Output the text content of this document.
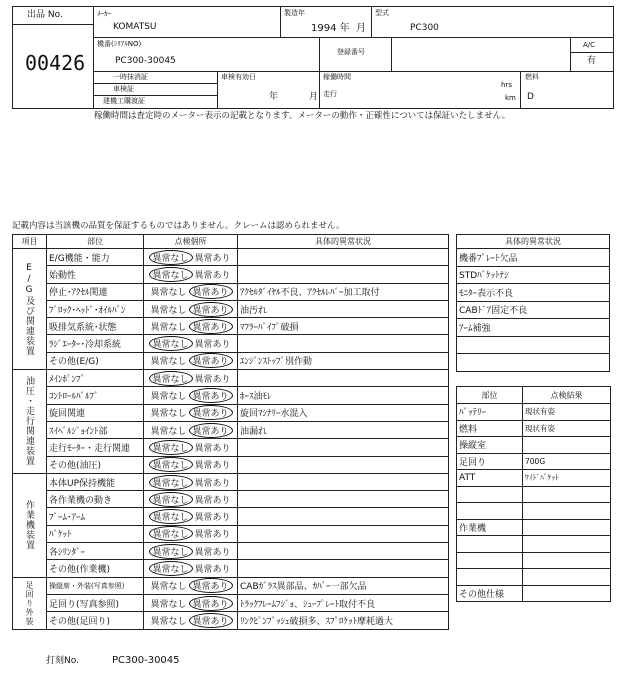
出品 No.
00426
ﾒｰｶｰ
KOMATSU
製造年
1994 年 月
型式
PC300
機番(ｼﾘｱﾙNO)
PC300-30045
登録番号
A/C
有
一時抹消証
車検証
建機工購渡証
車検有効日
年	月
稼働時間
hrs
走行	km
燃料
D
稼働時間は査定時のメーター表示の記載となります。メーターの動作・正確性については保証いたしません。
記載内容は当該機の品質を保証するものではありません。クレームは認められません。
項目	部位	点検個所	具体的異常状況
E/G及び関連装置	E/G機能・能力	異常なし 異常あり	
	始動性	異常なし 異常あり	
	停止･ｱｸｾﾙ関連	異常なし 異常あり	ｱｸｾﾙﾀﾞｲﾔﾙ不良、ｱｸｾﾙﾚﾊﾞｰ加工取付
	ﾌﾞﾛｯｸ･ﾍｯﾄﾞ･ｵｲﾙﾊﾟﾝ	異常なし 異常あり	油汚れ
	吸排気系統･状態	異常なし 異常あり	ﾏﾌﾗｰﾊﾟｲﾌﾟ破損
	ﾗｼﾞｴｰﾀｰ･冷却系統	異常なし 異常あり	
	その他(E/G)	異常なし 異常あり	ｴﾝｼﾞﾝｽﾄｯﾌﾟ別作動
油圧・走行関連装置	ﾒｲﾝﾎﾟﾝﾌﾟ	異常なし 異常あり	
	ｺﾝﾄﾛｰﾙﾊﾞﾙﾌﾞ	異常なし 異常あり	ﾎｰｽ油ﾓﾚ
	旋回関連	異常なし 異常あり	旋回ﾏｼﾅﾘｰ水混入
	ｽｲﾍﾞﾙｼﾞｮｲﾝﾄ部	異常なし 異常あり	油漏れ
	走行ﾓｰﾀｰ・走行関連	異常なし 異常あり	
	その他(油圧)	異常なし 異常あり	
作業機装置	本体UP保持機能	異常なし 異常あり	
	各作業機の動き	異常なし 異常あり	
	ﾌﾞｰﾑ･ｱｰﾑ	異常なし 異常あり	
	ﾊﾞｹｯﾄ	異常なし 異常あり	
	各ｼﾘﾝﾀﾞｰ	異常なし 異常あり	
	その他(作業機)	異常なし 異常あり	
足回り外装	操縦席・外装(写真参照)	異常なし 異常あり	CABｶﾞﾗｽ異部品、ｶﾊﾞｰ一部欠品
	足回り(写真参照)	異常なし 異常あり	ﾄﾗｯｸﾌﾚｰﾑﾌｼﾞｮ、ｼｭｰﾌﾟﾚｰﾄ取付不良
	その他(足回り)	異常なし 異常あり	ﾘﾝｸﾋﾟﾝﾌﾞｯｼｭ破損多、ｽﾌﾟﾛｹｯﾄ摩耗過大
具体的異常状況
機番ﾌﾟﾚｰﾄ欠品
STDﾊﾞｹｯﾄﾅｼ
ﾓﾆﾀｰ表示不良
CABﾄﾞｱ固定不良
ｱｰﾑ補強

部位	点検結果
ﾊﾞｯﾃﾘｰ	現状有姿
燃料	現状有姿
操縦室	
足回り	700G
ATT	ﾜｲﾄﾞﾊﾞｹｯﾄ

作業機	

その他仕様	
打刻No.	PC300-30045
